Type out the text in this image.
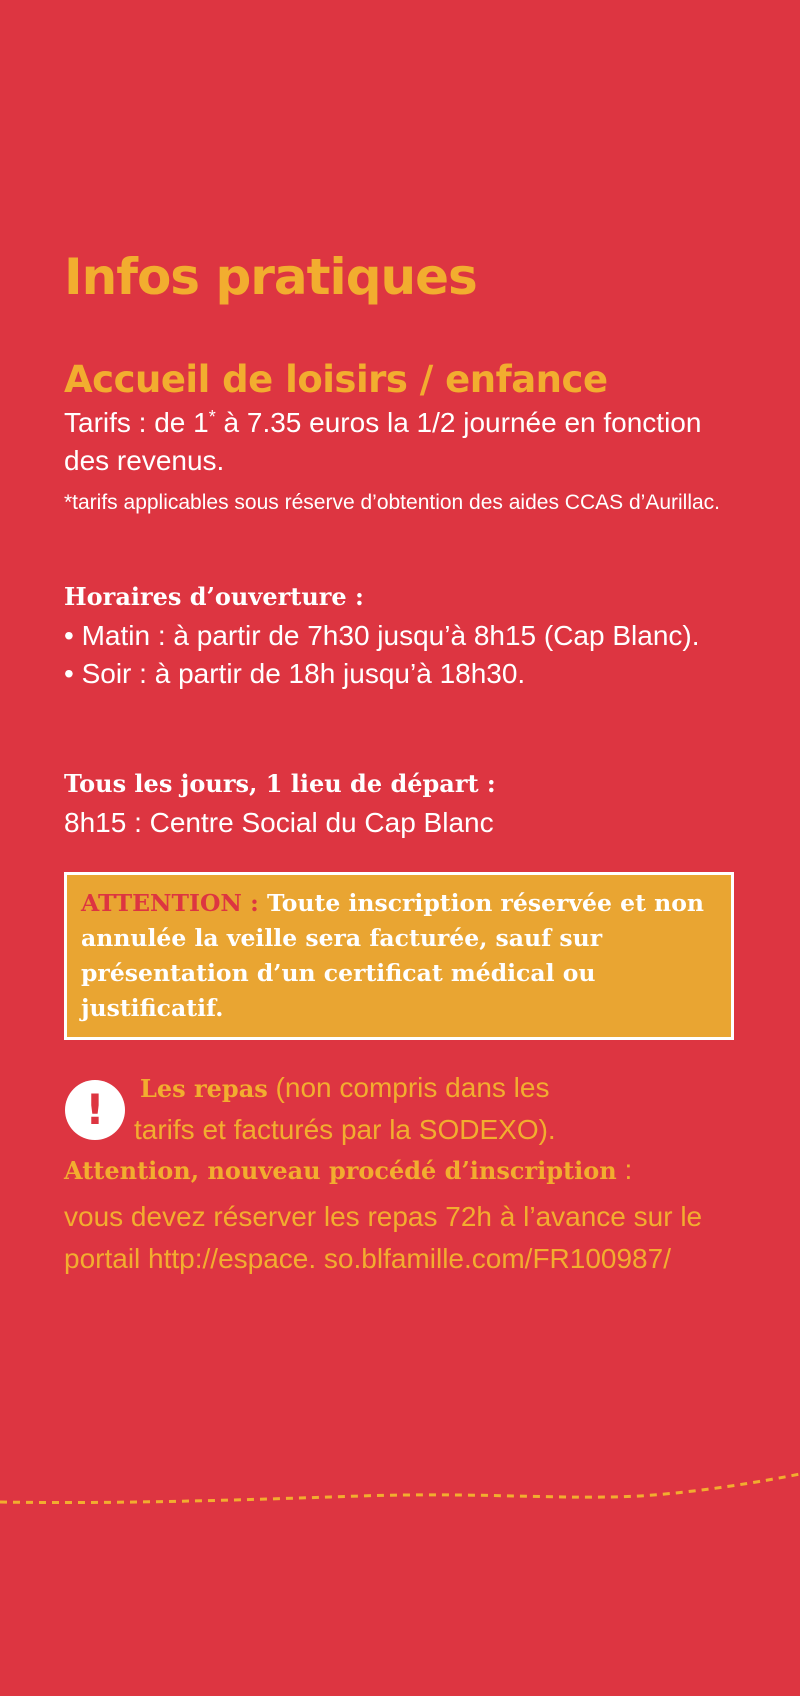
Infos pratiques
Accueil de loisirs / enfance

Tarifs : de 1* à 7.35 euros la 1/2 journée en fonction des revenus.

*tarifs applicables sous réserve d’obtention des aides CCAS d’Aurillac.

Horaires d’ouverture :
• Matin : à partir de 7h30 jusqu’à 8h15 (Cap Blanc).
• Soir : à partir de 18h jusqu’à 18h30.
Tous les jours, 1 lieu de départ :

8h15 : Centre Social du Cap Blanc

ATTENTION : Toute inscription réservée et non annulée la veille sera facturée, sauf sur présentation d’un certificat médical ou justificatif.

! Les repas (non compris dans les

tarifs et facturés par la SODEXO).

Attention, nouveau procédé d’inscription :

vous devez réserver les repas 72h à l’avance sur le portail http://espace. so.blfamille.com/FR100987/
